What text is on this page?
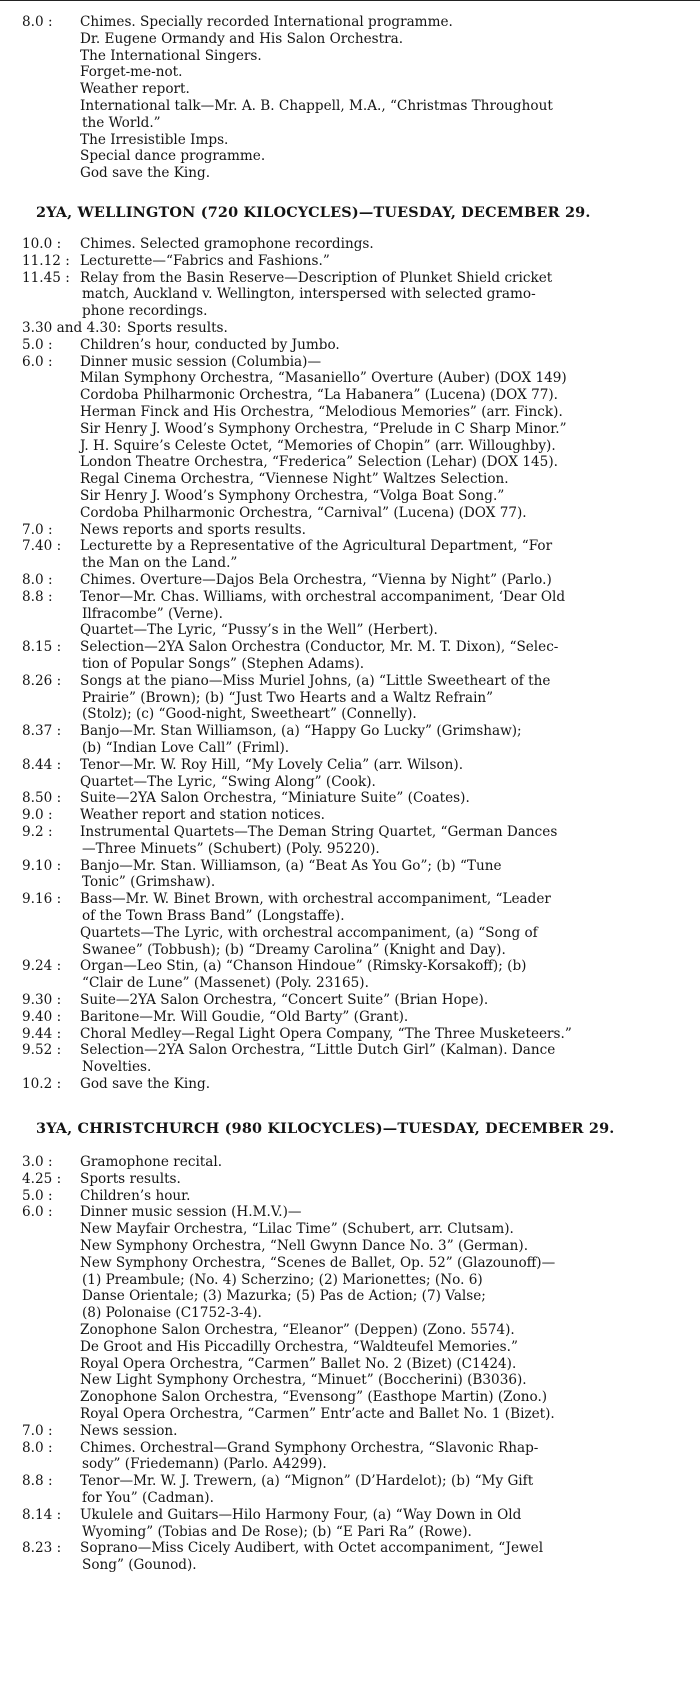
8.0 : Chimes. Specially recorded International programme.
Dr. Eugene Ormandy and His Salon Orchestra.
The International Singers.
Forget-me-not.
Weather report.
International talk—Mr. A. B. Chappell, M.A., “Christmas Throughout
the World.”
The Irresistible Imps.
Special dance programme.
God save the King.
2YA, WELLINGTON (720 KILOCYCLES)—TUESDAY, DECEMBER 29.
10.0 : Chimes. Selected gramophone recordings.
11.12 : Lecturette—“Fabrics and Fashions.”
11.45 : Relay from the Basin Reserve—Description of Plunket Shield cricket
match, Auckland v. Wellington, interspersed with selected gramo-
phone recordings.
3.30 and 4.30: Sports results.
5.0 : Children’s hour, conducted by Jumbo.
6.0 : Dinner music session (Columbia)—
Milan Symphony Orchestra, “Masaniello” Overture (Auber) (DOX 149)
Cordoba Philharmonic Orchestra, “La Habanera” (Lucena) (DOX 77).
Herman Finck and His Orchestra, “Melodious Memories” (arr. Finck).
Sir Henry J. Wood’s Symphony Orchestra, “Prelude in C Sharp Minor.”
J. H. Squire’s Celeste Octet, “Memories of Chopin” (arr. Willoughby).
London Theatre Orchestra, “Frederica” Selection (Lehar) (DOX 145).
Regal Cinema Orchestra, “Viennese Night” Waltzes Selection.
Sir Henry J. Wood’s Symphony Orchestra, “Volga Boat Song.”
Cordoba Philharmonic Orchestra, “Carnival” (Lucena) (DOX 77).
7.0 : News reports and sports results.
7.40 : Lecturette by a Representative of the Agricultural Department, “For
the Man on the Land.”
8.0 : Chimes. Overture—Dajos Bela Orchestra, “Vienna by Night” (Parlo.)
8.8 : Tenor—Mr. Chas. Williams, with orchestral accompaniment, ‘Dear Old
Ilfracombe” (Verne).
Quartet—The Lyric, “Pussy’s in the Well” (Herbert).
8.15 : Selection—2YA Salon Orchestra (Conductor, Mr. M. T. Dixon), “Selec-
tion of Popular Songs” (Stephen Adams).
8.26 : Songs at the piano—Miss Muriel Johns, (a) “Little Sweetheart of the
Prairie” (Brown); (b) “Just Two Hearts and a Waltz Refrain”
(Stolz); (c) “Good-night, Sweetheart” (Connelly).
8.37 : Banjo—Mr. Stan Williamson, (a) “Happy Go Lucky” (Grimshaw);
(b) “Indian Love Call” (Friml).
8.44 : Tenor—Mr. W. Roy Hill, “My Lovely Celia” (arr. Wilson).
Quartet—The Lyric, “Swing Along” (Cook).
8.50 : Suite—2YA Salon Orchestra, “Miniature Suite” (Coates).
9.0 : Weather report and station notices.
9.2 : Instrumental Quartets—The Deman String Quartet, “German Dances
—Three Minuets” (Schubert) (Poly. 95220).
9.10 : Banjo—Mr. Stan. Williamson, (a) “Beat As You Go”; (b) “Tune
Tonic” (Grimshaw).
9.16 : Bass—Mr. W. Binet Brown, with orchestral accompaniment, “Leader
of the Town Brass Band” (Longstaffe).
Quartets—The Lyric, with orchestral accompaniment, (a) “Song of
Swanee” (Tobbush); (b) “Dreamy Carolina” (Knight and Day).
9.24 : Organ—Leo Stin, (a) “Chanson Hindoue” (Rimsky-Korsakoff); (b)
“Clair de Lune” (Massenet) (Poly. 23165).
9.30 : Suite—2YA Salon Orchestra, “Concert Suite” (Brian Hope).
9.40 : Baritone—Mr. Will Goudie, “Old Barty” (Grant).
9.44 : Choral Medley—Regal Light Opera Company, “The Three Musketeers.”
9.52 : Selection—2YA Salon Orchestra, “Little Dutch Girl” (Kalman). Dance
Novelties.
10.2 : God save the King.
3YA, CHRISTCHURCH (980 KILOCYCLES)—TUESDAY, DECEMBER 29.
3.0 : Gramophone recital.
4.25 : Sports results.
5.0 : Children’s hour.
6.0 : Dinner music session (H.M.V.)—
New Mayfair Orchestra, “Lilac Time” (Schubert, arr. Clutsam).
New Symphony Orchestra, “Nell Gwynn Dance No. 3” (German).
New Symphony Orchestra, “Scenes de Ballet, Op. 52” (Glazounoff)—
(1) Preambule; (No. 4) Scherzino; (2) Marionettes; (No. 6)
Danse Orientale; (3) Mazurka; (5) Pas de Action; (7) Valse;
(8) Polonaise (C1752-3-4).
Zonophone Salon Orchestra, “Eleanor” (Deppen) (Zono. 5574).
De Groot and His Piccadilly Orchestra, “Waldteufel Memories.”
Royal Opera Orchestra, “Carmen” Ballet No. 2 (Bizet) (C1424).
New Light Symphony Orchestra, “Minuet” (Boccherini) (B3036).
Zonophone Salon Orchestra, “Evensong” (Easthope Martin) (Zono.)
Royal Opera Orchestra, “Carmen” Entr’acte and Ballet No. 1 (Bizet).
7.0 : News session.
8.0 : Chimes. Orchestral—Grand Symphony Orchestra, “Slavonic Rhap-
sody” (Friedemann) (Parlo. A4299).
8.8 : Tenor—Mr. W. J. Trewern, (a) “Mignon” (D’Hardelot); (b) “My Gift
for You” (Cadman).
8.14 : Ukulele and Guitars—Hilo Harmony Four, (a) “Way Down in Old
Wyoming” (Tobias and De Rose); (b) “E Pari Ra” (Rowe).
8.23 : Soprano—Miss Cicely Audibert, with Octet accompaniment, “Jewel
Song” (Gounod).
